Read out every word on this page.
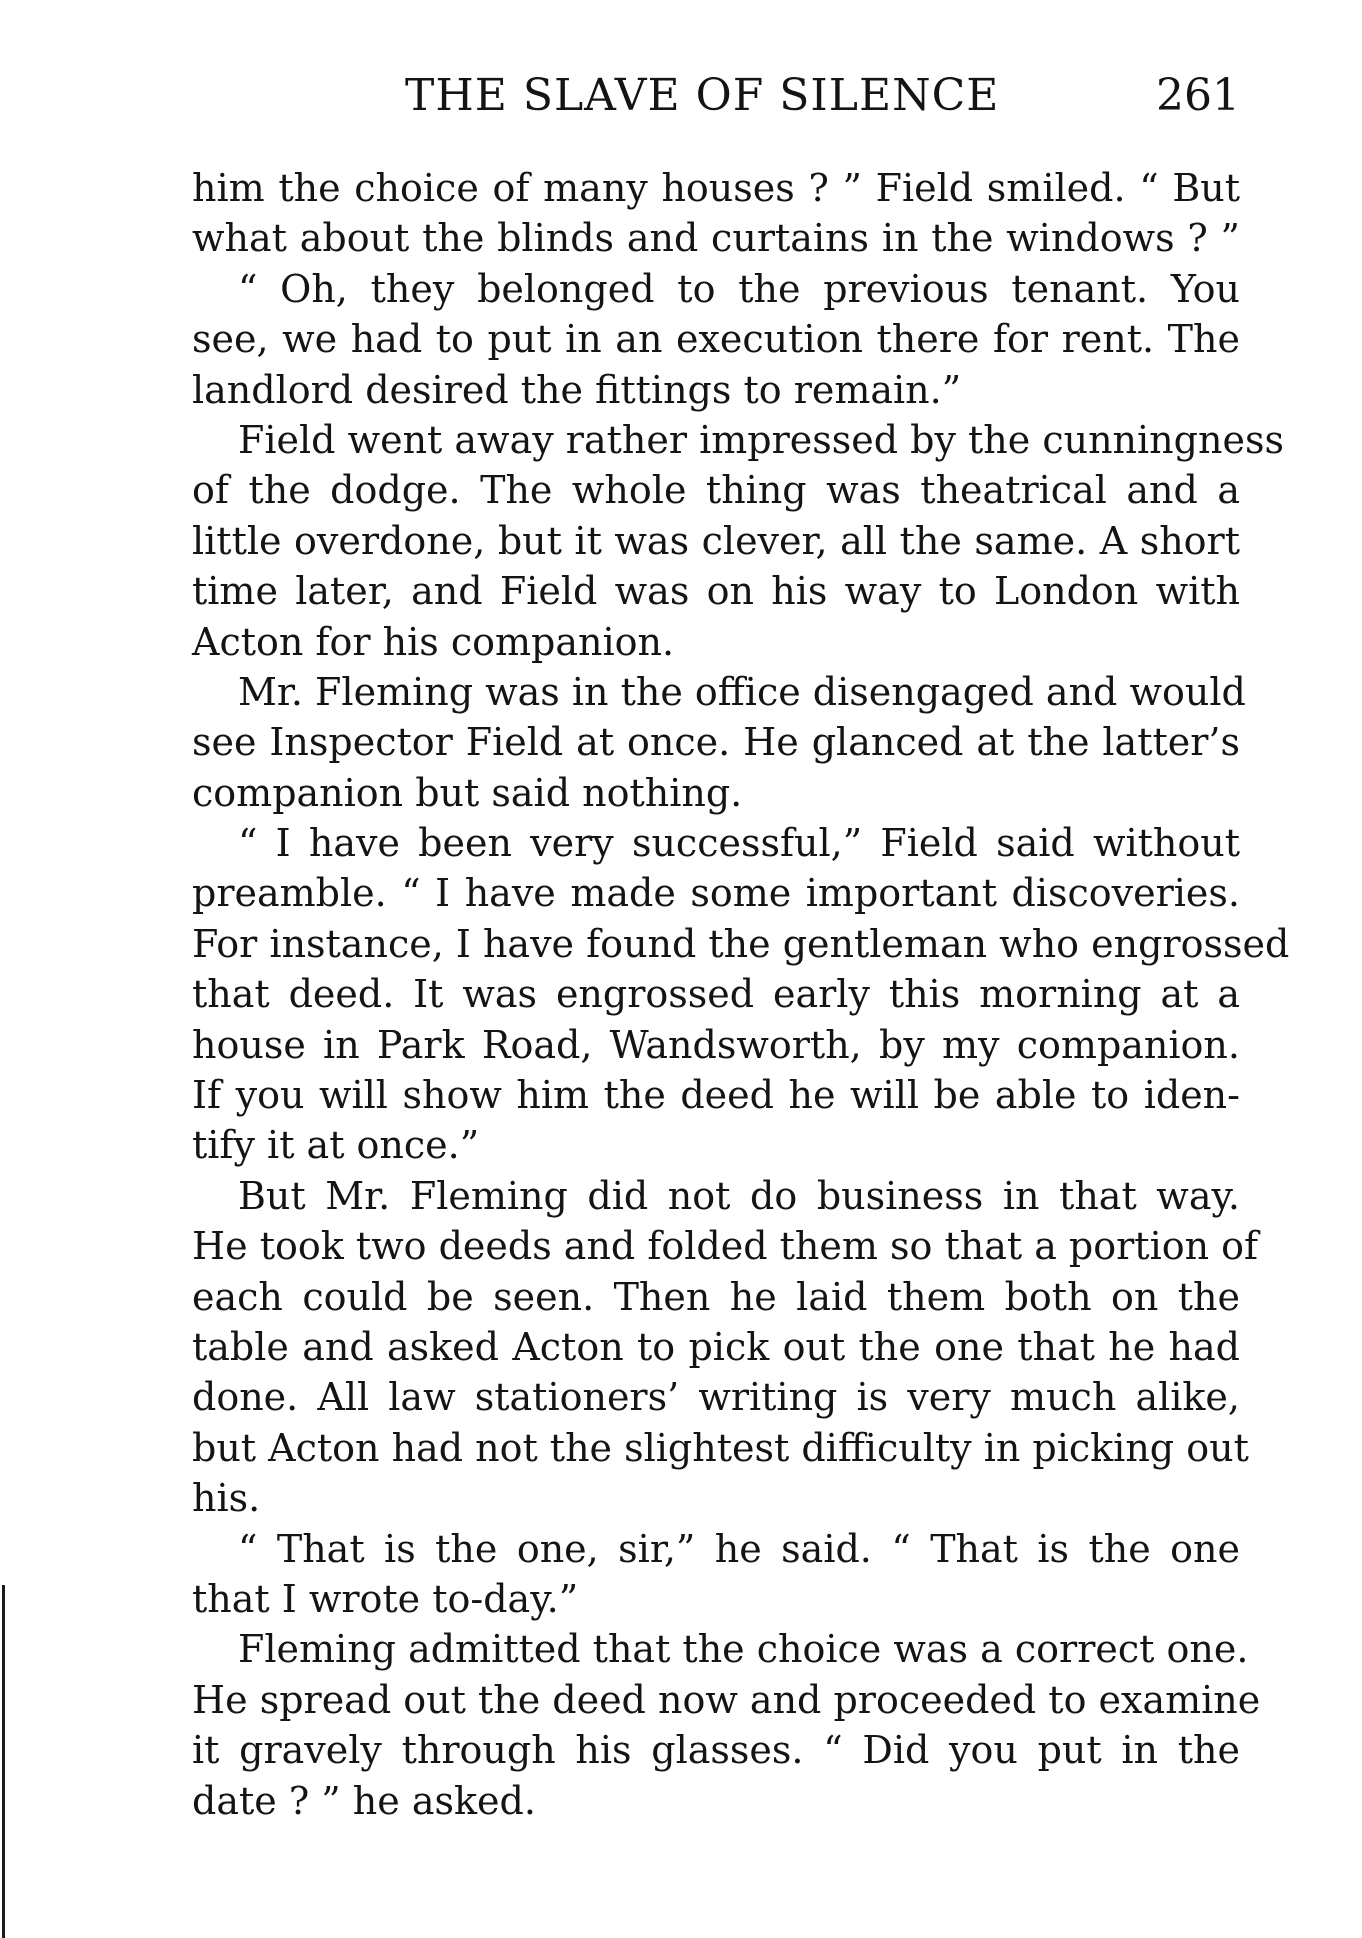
THE SLAVE OF SILENCE	261
him the choice of many houses ? ” Field smiled. “ But
what about the blinds and curtains in the windows ? ”
“ Oh, they belonged to the previous tenant. You
see, we had to put in an execution there for rent. The
landlord desired the fittings to remain.”
Field went away rather impressed by the cunningness
of the dodge. The whole thing was theatrical and a
little overdone, but it was clever, all the same. A short
time later, and Field was on his way to London with
Acton for his companion.
Mr. Fleming was in the office disengaged and would
see Inspector Field at once. He glanced at the latter’s
companion but said nothing.
“ I have been very successful,” Field said without
preamble. “ I have made some important discoveries.
For instance, I have found the gentleman who engrossed
that deed. It was engrossed early this morning at a
house in Park Road, Wandsworth, by my companion.
If you will show him the deed he will be able to iden-
tify it at once.”
But Mr. Fleming did not do business in that way.
He took two deeds and folded them so that a portion of
each could be seen. Then he laid them both on the
table and asked Acton to pick out the one that he had
done. All law stationers’ writing is very much alike,
but Acton had not the slightest difficulty in picking out
his.
“ That is the one, sir,” he said. “ That is the one
that I wrote to-day.”
Fleming admitted that the choice was a correct one.
He spread out the deed now and proceeded to examine
it gravely through his glasses. “ Did you put in the
date ? ” he asked.
